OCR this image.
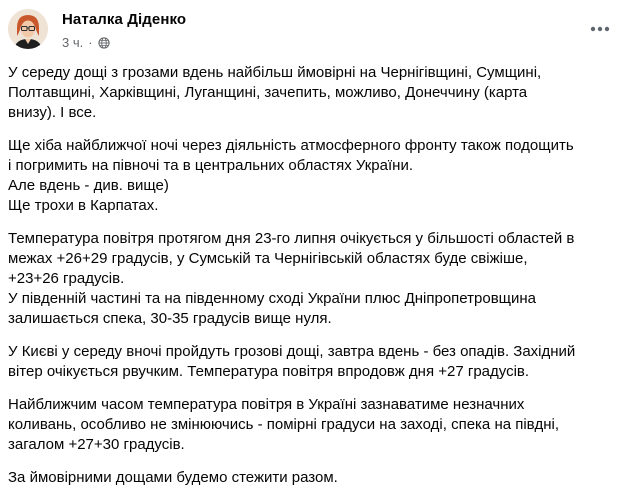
Наталка Діденко
3 ч. ·
У середу дощі з грозами вдень найбільш ймовірні на Чернігівщині, Сумщині,
Полтавщині, Харківщині, Луганщині, зачепить, можливо, Донеччину (карта
внизу). І все.
Ще хіба найближчої ночі через діяльність атмосферного фронту також подощить
і погримить на півночі та в центральних областях України.
Але вдень - див. вище)
Ще трохи в Карпатах.
Температура повітря протягом дня 23-го липня очікується у більшості областей в
межах +26+29 градусів, у Сумській та Чернігівській областях буде свіжіше,
+23+26 градусів.
У південній частині та на південному сході України плюс Дніпропетровщина
залишається спека, 30-35 градусів вище нуля.
У Києві у середу вночі пройдуть грозові дощі, завтра вдень - без опадів. Західний
вітер очікується рвучким. Температура повітря впродовж дня +27 градусів.
Найближчим часом температура повітря в Україні зазнаватиме незначних
коливань, особливо не змінюючись - помірні градуси на заході, спека на півдні,
загалом +27+30 градусів.
За ймовірними дощами будемо стежити разом.
